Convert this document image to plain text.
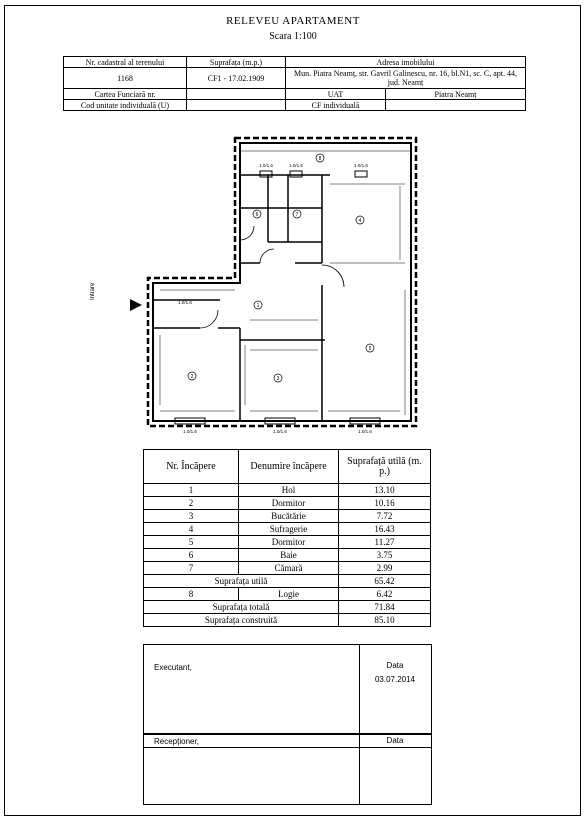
RELEVEU APARTAMENT
Scara 1:100
Nr. cadastral al terenului	Suprafața (m.p.)	Adresa imobilului	
1168	CF1 - 17.02.1909	Mun. Piatra Neamț, str. Gavril Galinescu, nr. 16, bl.N1, sc. C, apt. 44, jud. Neamț	
Cartea Funciară nr.		UAT	Piatra Neamț
Cod unitate individuală (U)		CF individuală	
1
2	3
4
5
6	7
8
1.0/1.6	1.0/1.6	1.0/1.6
1.0/1.6	1.0/1.6	1.0/1.6
1.0/1.6
Intrare
Nr. Încăpere	Denumire încăpere	Suprafață utilă (m. p.)
1	Hol	13.10
2	Dormitor	10.16
3	Bucătărie	7.72
4	Sufragerie	16.43
5	Dormitor	11.27
6	Baie	3.75
7	Cămară	2.99
Suprafața utilă		65.42
8	Logie	6.42
Suprafața totală		71.84
Suprafața construită		85.10
Executant,	Data
03.07.2014
Recepționer,	Data
